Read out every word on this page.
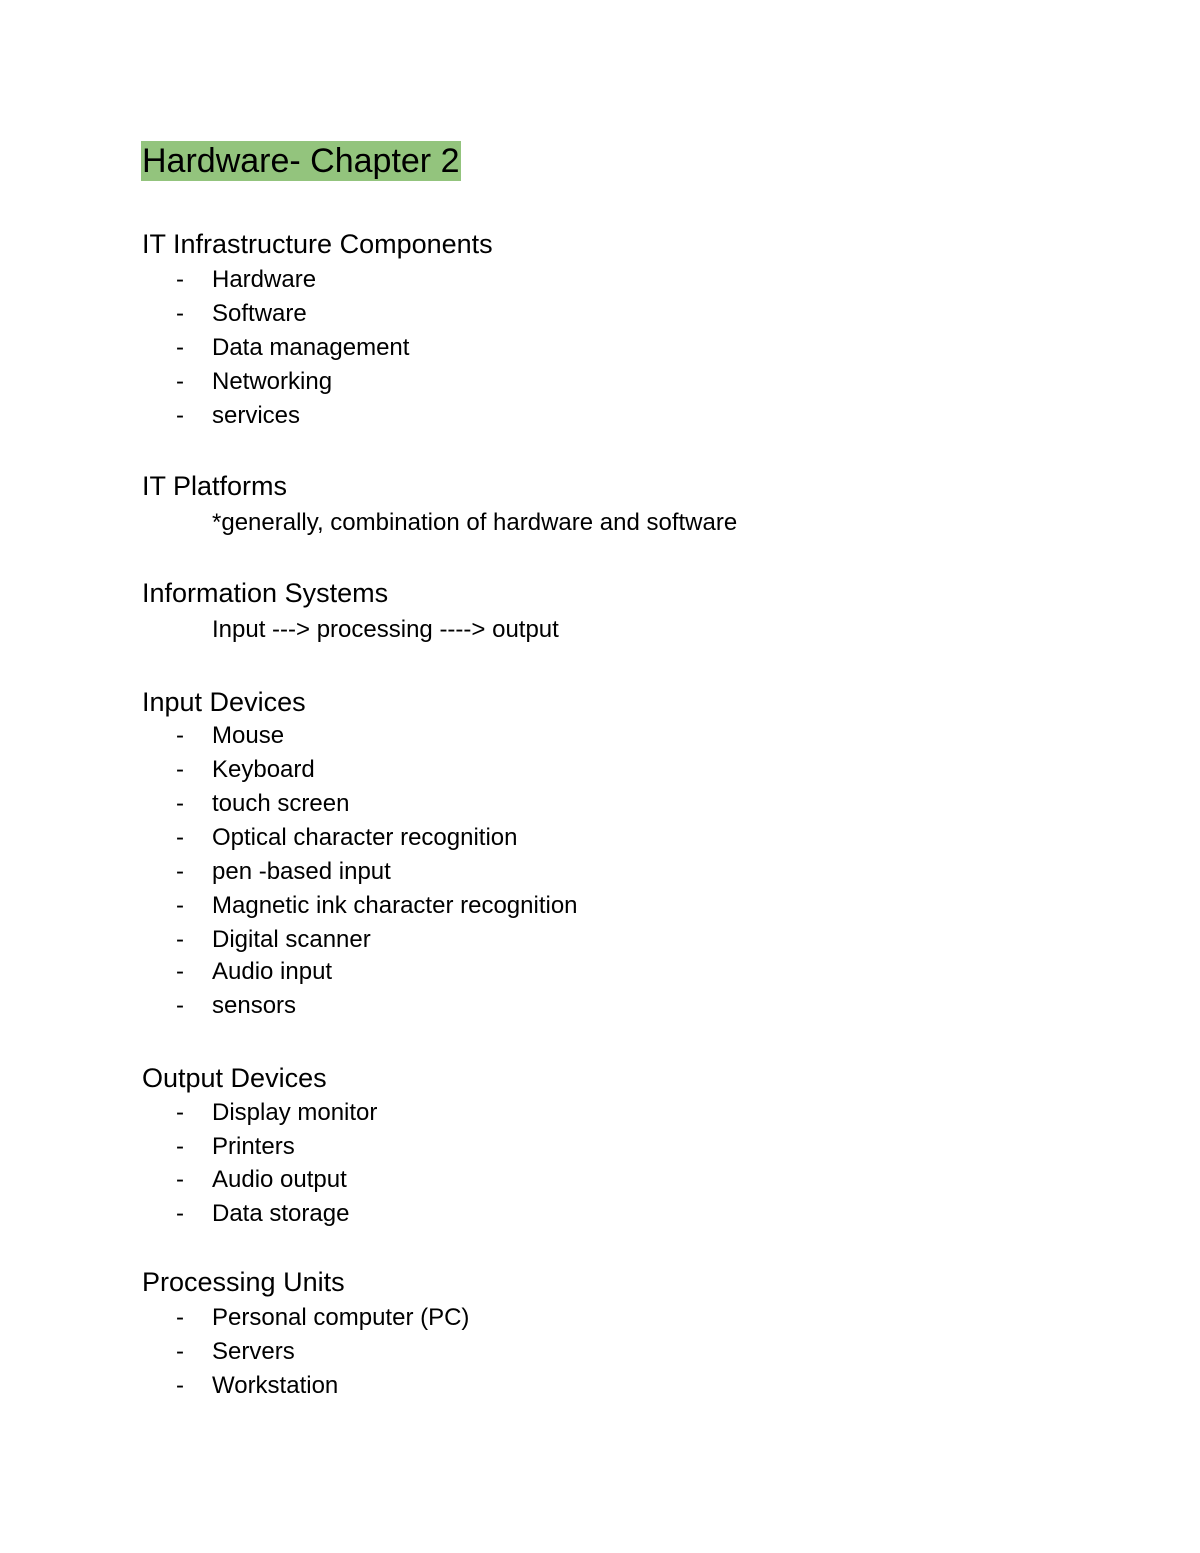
Hardware- Chapter 2
IT Infrastructure Components
- Hardware
- Software
- Data management
- Networking
- services
IT Platforms
*generally, combination of hardware and software
Information Systems
Input ---> processing ----> output
Input Devices
- Mouse
- Keyboard
- touch screen
- Optical character recognition
- pen -based input
- Magnetic ink character recognition
- Digital scanner
- Audio input
- sensors
Output Devices
- Display monitor
- Printers
- Audio output
- Data storage
Processing Units
- Personal computer (PC)
- Servers
- Workstation
